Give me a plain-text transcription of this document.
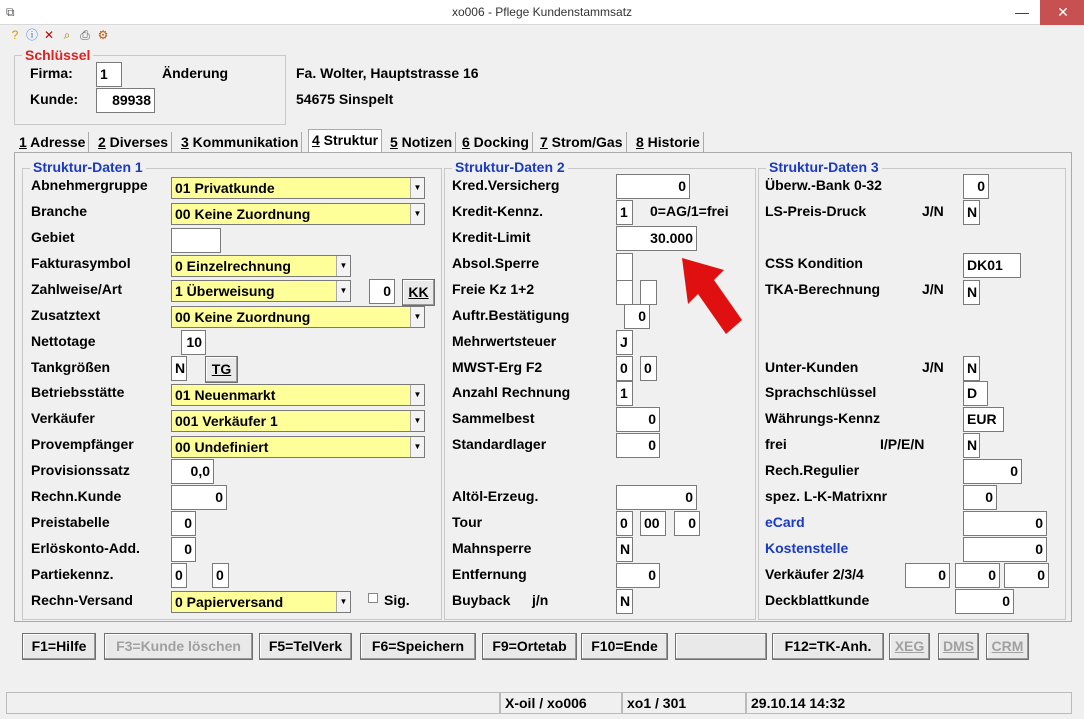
⧉	xo006 - Pflege Kundenstammsatz	—	✕
? ⓘ ✕ ⌕ ⎙ ⚙
Schlüssel
Firma: 1	Änderung
Kunde:	89938
Fa. Wolter, Hauptstrasse 16
54675 Sinspelt
1 Adresse 2 Diverses 3 Kommunikation 4 Struktur 5 Notizen 6 Docking 7 Strom/Gas 8 Historie
Struktur-Daten 1
Abnehmergruppe 01 Privatkunde	▼
Branche	00 Keine Zuordnung	▼
Gebiet
Fakturasymbol	0 Einzelrechnung	▼
Zahlweise/Art	1 Überweisung	▼	0	KK
Zusatztext	00 Keine Zuordnung	▼
Nettotage	10
Tankgrößen	N	TG
Betriebsstätte	01 Neuenmarkt	▼
Verkäufer	001 Verkäufer 1	▼
Provempfänger	00 Undefiniert	▼
Provisionssatz	0,0
Rechn.Kunde	0
Preistabelle	0
Erlöskonto-Add.	0
Partiekennz.	0	0
Rechn-Versand	0 Papierversand	▼	Sig.
Struktur-Daten 2
Kred.Versicherg	0
Kredit-Kennz.	1	0=AG/1=frei
Kredit-Limit	30.000
Absol.Sperre
Freie Kz 1+2
Auftr.Bestätigung	0
Mehrwertsteuer	J
MWST-Erg F2	0	0
Anzahl Rechnung	1
Sammelbest	0
Standardlager	0
Altöl-Erzeug.	0
Tour	0	00	0
Mahnsperre	N
Entfernung	0
Buyback j/n	N
Struktur-Daten 3
Überw.-Bank 0-32	0
LS-Preis-Druck	J/N N
CSS Kondition	DK01
TKA-Berechnung	J/N N
Unter-Kunden	J/N N
Sprachschlüssel	D
Währungs-Kennz	EUR
frei	I/P/E/N	N
Rech.Regulier	0
spez. L-K-Matrixnr	0
eCard	0
Kostenstelle	0
Verkäufer 2/3/4	0	0	0
Deckblattkunde	0
F1=Hilfe	F3=Kunde löschen	F5=TelVerk	F6=Speichern	F9=Ortetab	F10=Ende	F12=TK-Anh.	XEG	DMS	CRM
X-oil / xo006	xo1 / 301	29.10.14 14:32
